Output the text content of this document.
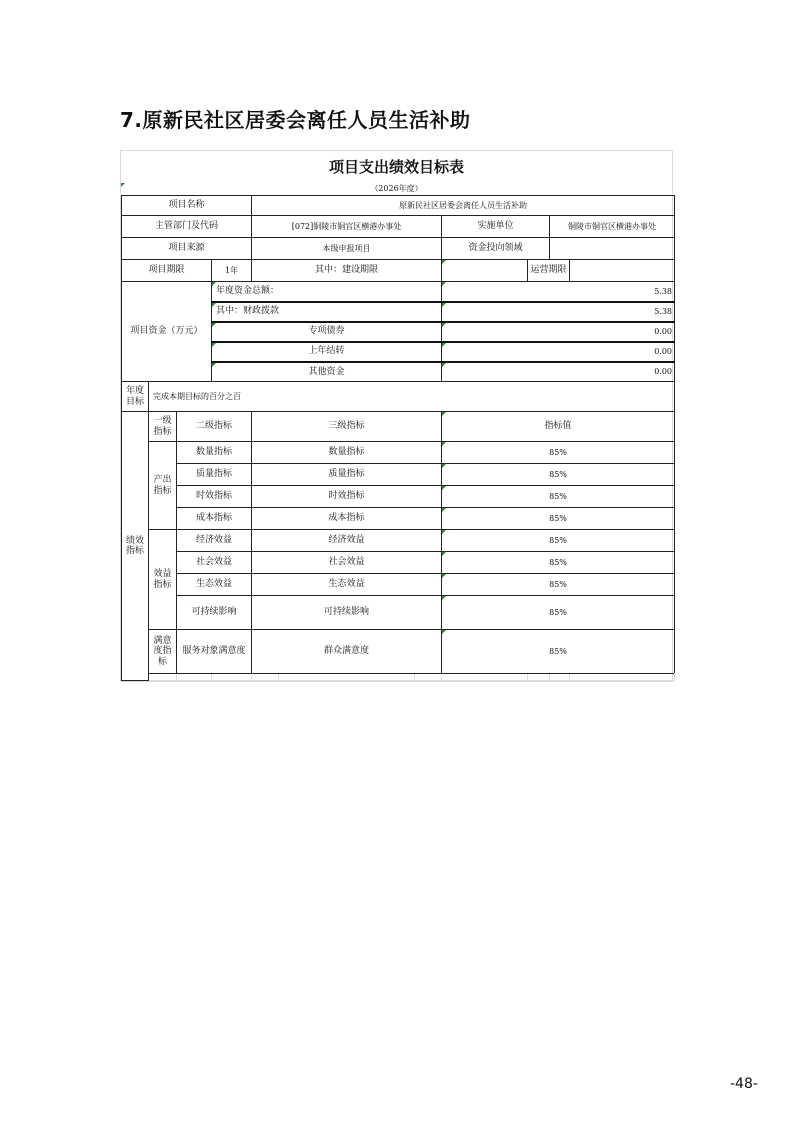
7.原新民社区居委会离任人员生活补助
项目支出绩效目标表
（2026年度）
项目名称				原新民社区居委会离任人员生活补助							
主管部门及代码				[072]铜陵市铜官区横港办事处			实施单位		铜陵市铜官区横港办事处		
项目来源				本级申报项目			资金投向领域				
项目期限			1年	其中：建设期限				运营期限			
项目资金（万元）			年度资金总额：				5.38				
			其中：财政拨款				5.38				
			专项债券				0.00				
			上年结转				0.00				
			其他资金				0.00				
年度目标	完成本期目标的百分之百										
绩效指标	一级指标	二级指标		三级指标			指标值				
	产出指标	数量指标		数量指标			85%				
		质量指标		质量指标			85%				
		时效指标		时效指标			85%				
		成本指标		成本指标			85%				
	效益指标	经济效益		经济效益			85%				
		社会效益		社会效益			85%				
		生态效益		生态效益			85%				
		可持续影响		可持续影响			85%				
	满意度指标	服务对象满意度		群众满意度			85%				

-48-
